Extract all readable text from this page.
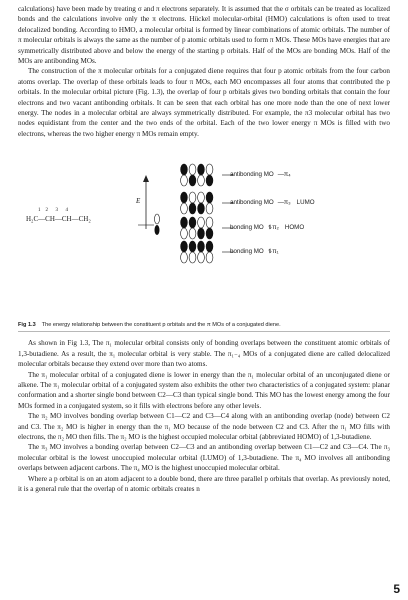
calculations) have been made by treating σ and π electrons separately. It is assumed that the σ orbitals can be treated as localized bonds and the calculations involve only the π electrons. Hückel molecular-orbital (HMO) calculations is often used to treat delocalized bonding. According to HMO, a molecular orbital is formed by linear combinations of atomic orbitals. The number of π molecular orbitals is always the same as the number of p atomic orbitals used to form π MOs. These MOs have energies that are symmetrically distributed above and below the energy of the starting p orbitals. Half of the MOs are bonding MOs. Half of the MOs are antibonding MOs.

The construction of the π molecular orbitals for a conjugated diene requires that four p atomic orbitals from the four carbon atoms overlap. The overlap of these orbitals leads to four π MOs, each MO encompasses all four atoms that contributed the p orbitals. In the molecular orbital picture (Fig. 1.3), the overlap of four p orbitals gives two bonding orbitals that contain the four electrons and two vacant antibonding orbitals. It can be seen that each orbital has one more node than the one of next lower energy. The nodes in a molecular orbital are always symmetrically distributed. For example, the π3 molecular orbital has two nodes equidistant from the center and the two ends of the orbital. Each of the two lower energy π MOs is filled with two electrons, whereas the two higher energy π MOs remain empty.

1    2      3      4
H₂C—CH—CH—CH₂
E
antibonding MO —π₄
antibonding MO —π₃ LUMO
bonding MO ⥮π₂ HOMO
bonding MO ⥮π₁
Fig 1.3 The energy relationship between the constituent p orbitals and the π MOs of a conjugated diene.

As shown in Fig 1.3, The π₁ molecular orbital consists only of bonding overlaps between the constituent atomic orbitals of 1,3-butadiene. As a result, the π₁ molecular orbital is very stable. The π₁₋₄ MOs of a conjugated diene are called delocalized molecular orbitals because they extend over more than two atoms.

The π₁ molecular orbital of a conjugated diene is lower in energy than the π₁ molecular orbital of an unconjugated diene or alkene. The π₁ molecular orbital of a conjugated system also exhibits the other two characteristics of a conjugated system: planar conformation and a shorter single bond between C2—C3 than typical single bond. This MO has the lowest energy among the four MOs formed in a conjugated system, so it fills with electrons before any other levels.

The π₂ MO involves bonding overlap between C1—C2 and C3—C4 along with an antibonding overlap (node) between C2 and C3. The π₂ MO is higher in energy than the π₁ MO because of the node between C2 and C3. After the π₁ MO fills with electrons, the π₂ MO then fills. The π₂ MO is the highest occupied molecular orbital (abbreviated HOMO) of 1,3-butadiene.

The π₃ MO involves a bonding overlap between C2—C3 and an antibonding overlap between C1—C2 and C3—C4. The π₃ molecular orbital is the lowest unoccupied molecular orbital (LUMO) of 1,3-butadiene. The π₄ MO involves all antibonding overlaps between adjacent carbons. The π₄ MO is the highest unoccupied molecular orbital.

Where a p orbital is on an atom adjacent to a double bond, there are three parallel p orbitals that overlap. As previously noted, it is a general rule that the overlap of n atomic orbitals creates n

5
